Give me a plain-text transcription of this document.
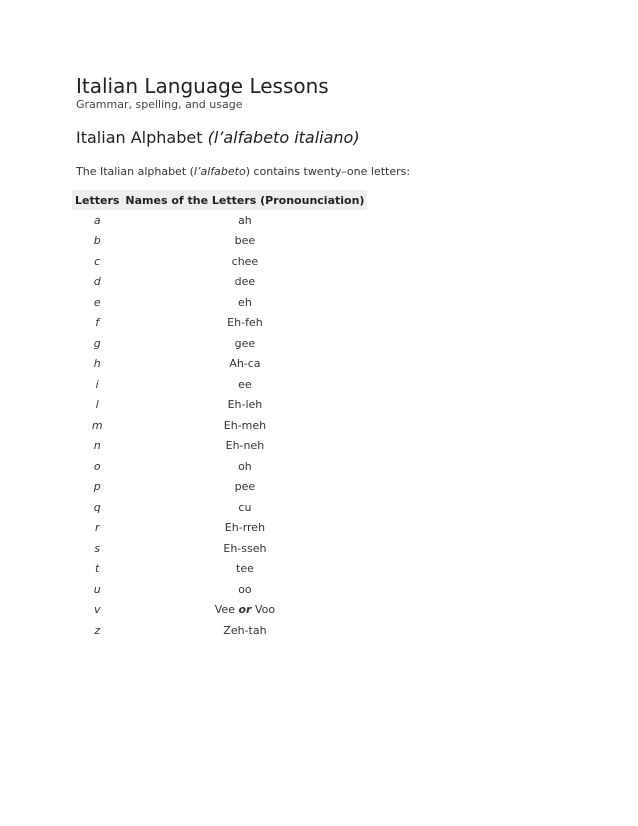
Italian Language Lessons
Grammar, spelling, and usage
Italian Alphabet (l’alfabeto italiano)

The Italian alphabet (l’alfabeto) contains twenty–one letters:

Letters	Names of the Letters (Pronounciation)
a	ah
b	bee
c	chee
d	dee
e	eh
f	Eh-feh
g	gee
h	Ah-ca
i	ee
l	Eh-leh
m	Eh-meh
n	Eh-neh
o	oh
p	pee
q	cu
r	Eh-rreh
s	Eh-sseh
t	tee
u	oo
v	Vee or Voo
z	Zeh-tah
